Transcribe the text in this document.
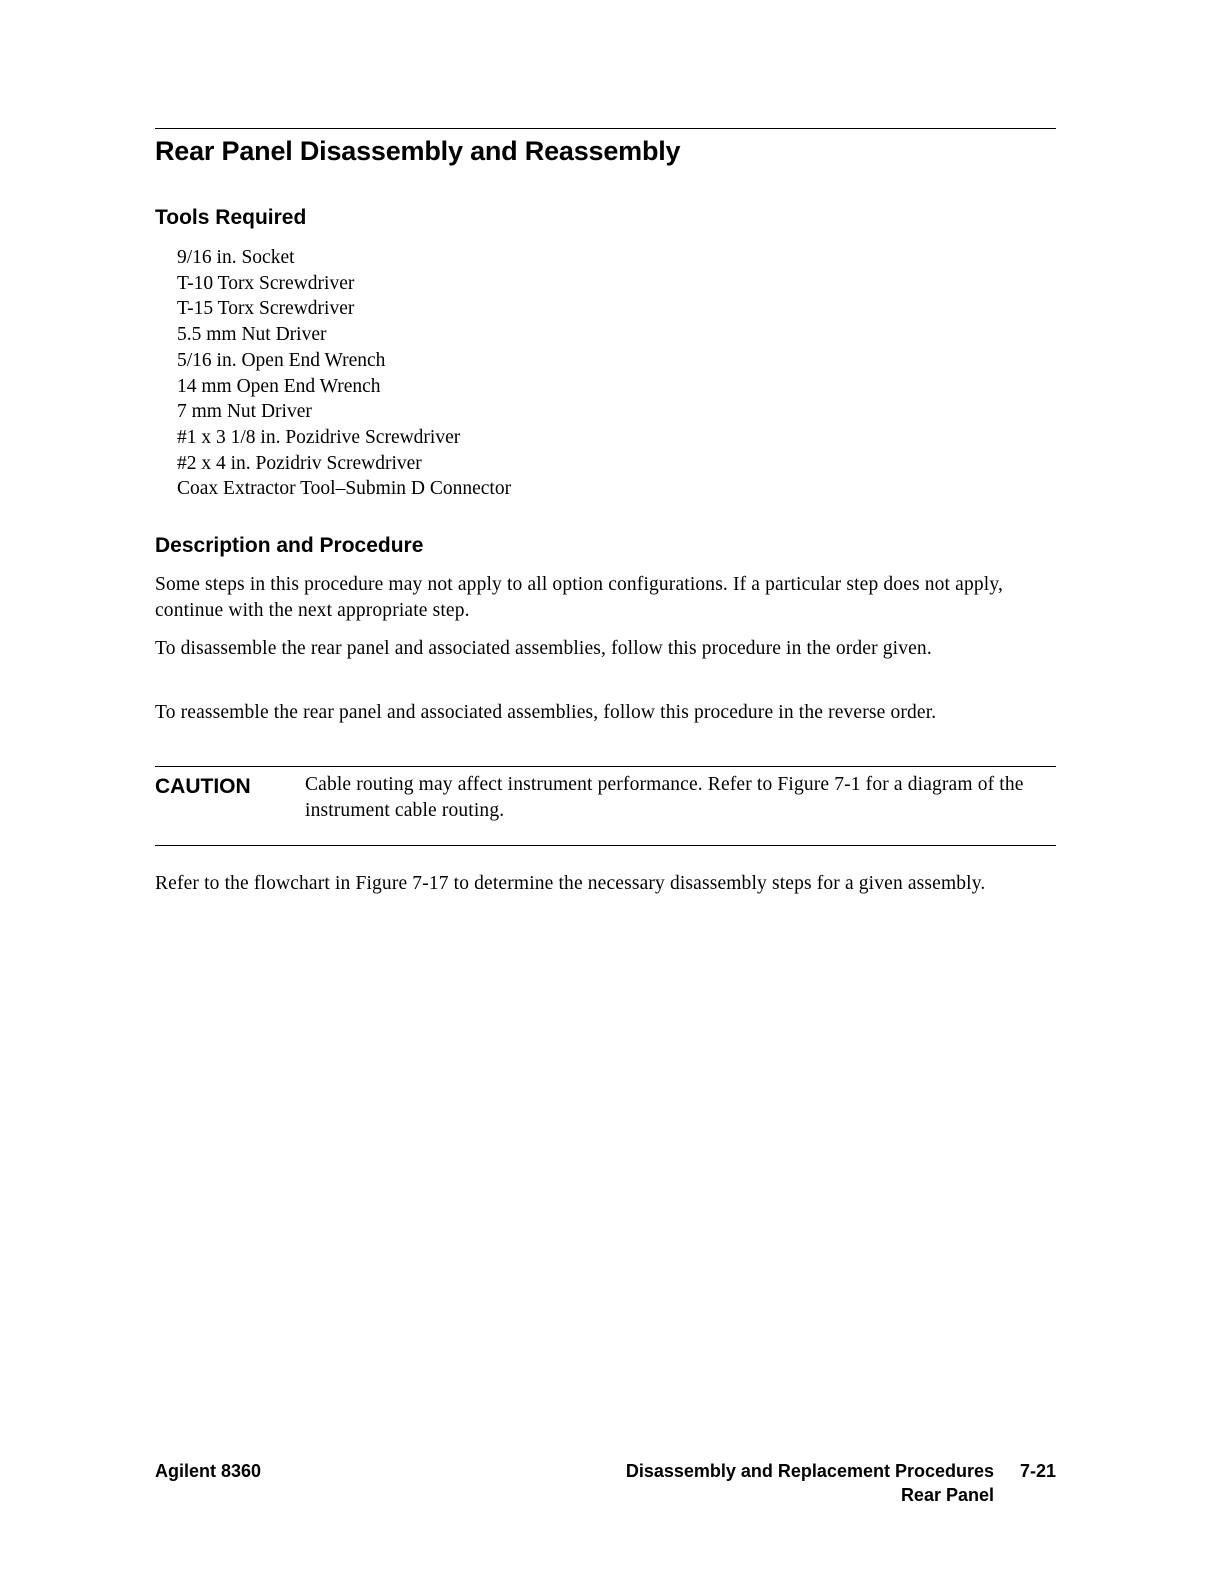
Rear Panel Disassembly and Reassembly
Tools Required
9/16 in. Socket
T-10 Torx Screwdriver
T-15 Torx Screwdriver
5.5 mm Nut Driver
5/16 in. Open End Wrench
14 mm Open End Wrench
7 mm Nut Driver
#1 x 3 1/8 in. Pozidrive Screwdriver
#2 x 4 in. Pozidriv Screwdriver
Coax Extractor Tool–Submin D Connector
Description and Procedure

Some steps in this procedure may not apply to all option configurations. If a particular step does not apply, continue with the next appropriate step.

To disassemble the rear panel and associated assemblies, follow this procedure in the order given.

To reassemble the rear panel and associated assemblies, follow this procedure in the reverse order.

CAUTION	Cable routing may affect instrument performance. Refer to Figure 7-1 for a diagram of the instrument cable routing.

Refer to the flowchart in Figure 7-17 to determine the necessary disassembly steps for a given assembly.

Agilent 8360	Disassembly and Replacement Procedures
Rear Panel
7-21
